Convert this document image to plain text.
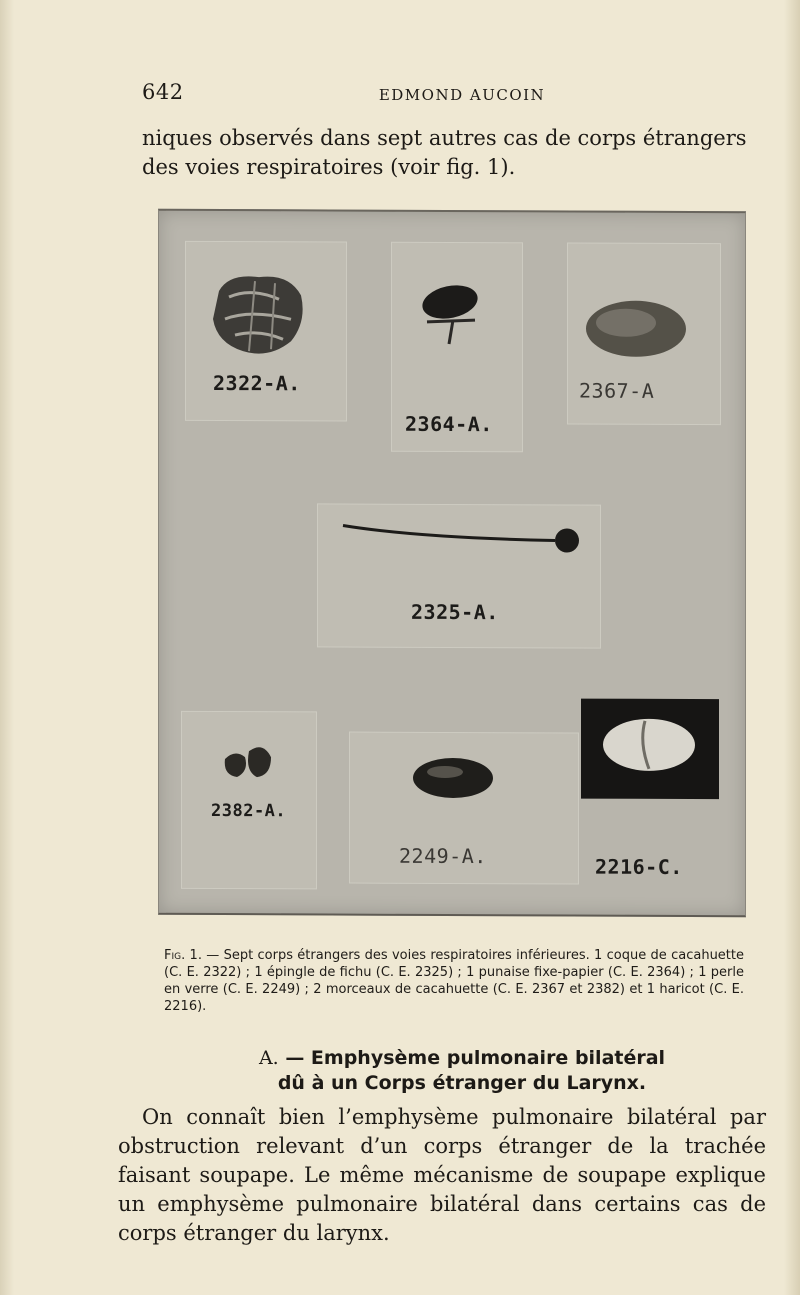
642	EDMOND AUCOIN
niques observés dans sept autres cas de corps étrangers des voies respiratoires (voir fig. 1).
2322-A.
2364-A.
2367-A
2325-A.
2382-A.
2249-A.	2216-C.
Fig. 1. — Sept corps étrangers des voies respiratoires inférieures. 1 coque de cacahuette (C. E. 2322) ; 1 épingle de fichu (C. E. 2325) ; 1 punaise fixe-papier (C. E. 2364) ; 1 perle en verre (C. E. 2249) ; 2 morceaux de cacahuette (C. E. 2367 et 2382) et 1 haricot (C. E. 2216).
A. — Emphysème pulmonaire bilatéral
dû à un Corps étranger du Larynx.
On connaît bien l’emphysème pulmonaire bilatéral par obstruction relevant d’un corps étranger de la trachée faisant soupape. Le même mécanisme de soupape explique un emphysème pulmonaire bilatéral dans certains cas de corps étranger du larynx.
